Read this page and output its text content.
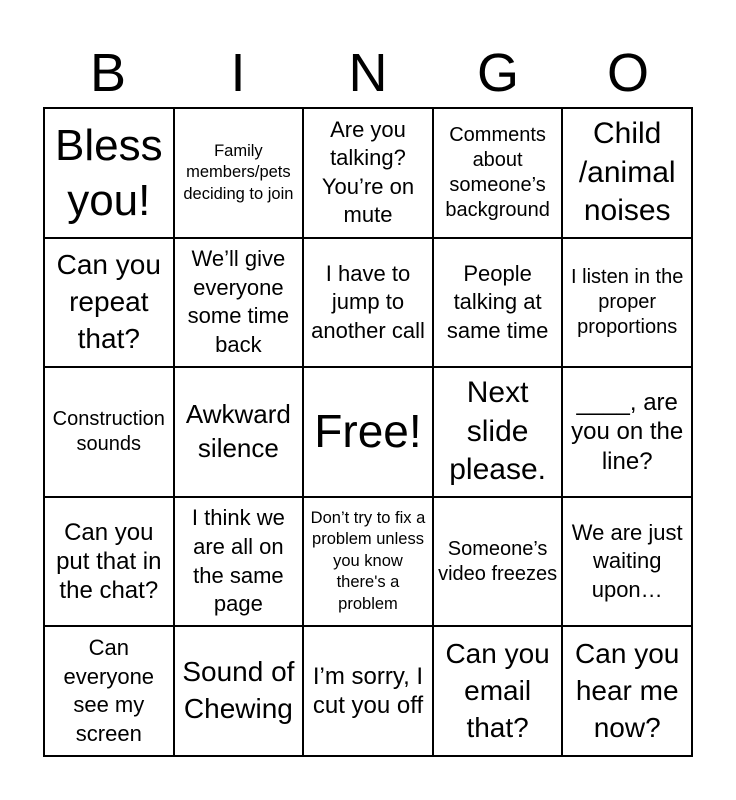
B	I	N	G	O
Bless you!
Family members/pets deciding to join
Are you talking? You’re on mute
Comments about someone’s background
Child /animal noises
Can you repeat that?
We’ll give everyone some time back
I have to jump to another call
People talking at same time
I listen in the proper proportions
Construction sounds
Awkward silence Free!
Next slide please.
____, are you on the line?
Can you put that in the chat?
I think we are all on the same page
Don’t try to fix a problem unless you know there's a problem
Someone’s video freezes
We are just waiting upon…
Can everyone see my screen
Sound of Chewing
I’m sorry, I cut you off
Can you email that?
Can you hear me now?
